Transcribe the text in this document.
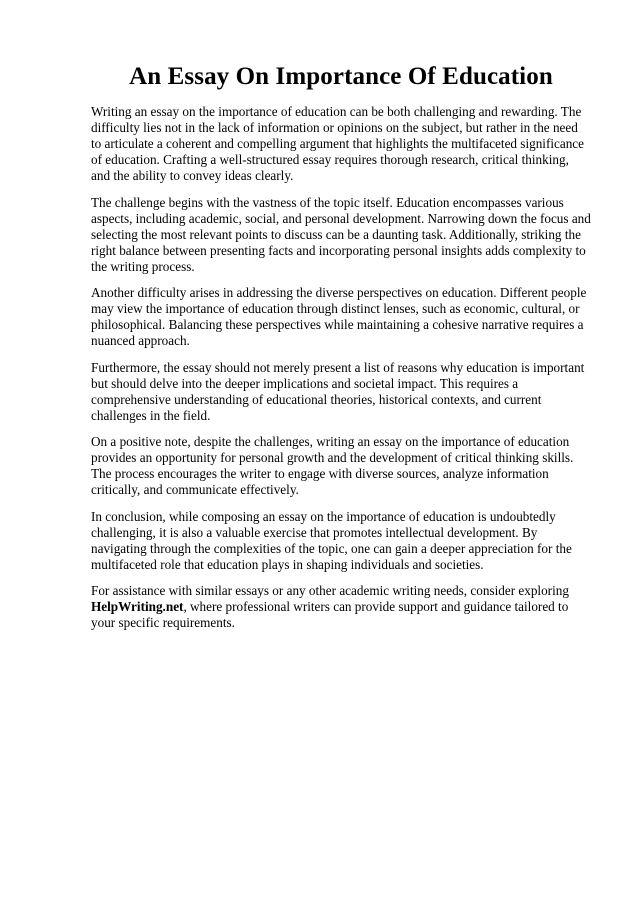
An Essay On Importance Of Education

Writing an essay on the importance of education can be both challenging and rewarding. The difficulty lies not in the lack of information or opinions on the subject, but rather in the need to articulate a coherent and compelling argument that highlights the multifaceted significance of education. Crafting a well-structured essay requires thorough research, critical thinking, and the ability to convey ideas clearly.

The challenge begins with the vastness of the topic itself. Education encompasses various aspects, including academic, social, and personal development. Narrowing down the focus and selecting the most relevant points to discuss can be a daunting task. Additionally, striking the right balance between presenting facts and incorporating personal insights adds complexity to the writing process.

Another difficulty arises in addressing the diverse perspectives on education. Different people may view the importance of education through distinct lenses, such as economic, cultural, or philosophical. Balancing these perspectives while maintaining a cohesive narrative requires a nuanced approach.

Furthermore, the essay should not merely present a list of reasons why education is important but should delve into the deeper implications and societal impact. This requires a comprehensive understanding of educational theories, historical contexts, and current challenges in the field.

On a positive note, despite the challenges, writing an essay on the importance of education provides an opportunity for personal growth and the development of critical thinking skills. The process encourages the writer to engage with diverse sources, analyze information critically, and communicate effectively.

In conclusion, while composing an essay on the importance of education is undoubtedly challenging, it is also a valuable exercise that promotes intellectual development. By navigating through the complexities of the topic, one can gain a deeper appreciation for the multifaceted role that education plays in shaping individuals and societies.

For assistance with similar essays or any other academic writing needs, consider exploring HelpWriting.net, where professional writers can provide support and guidance tailored to your specific requirements.
